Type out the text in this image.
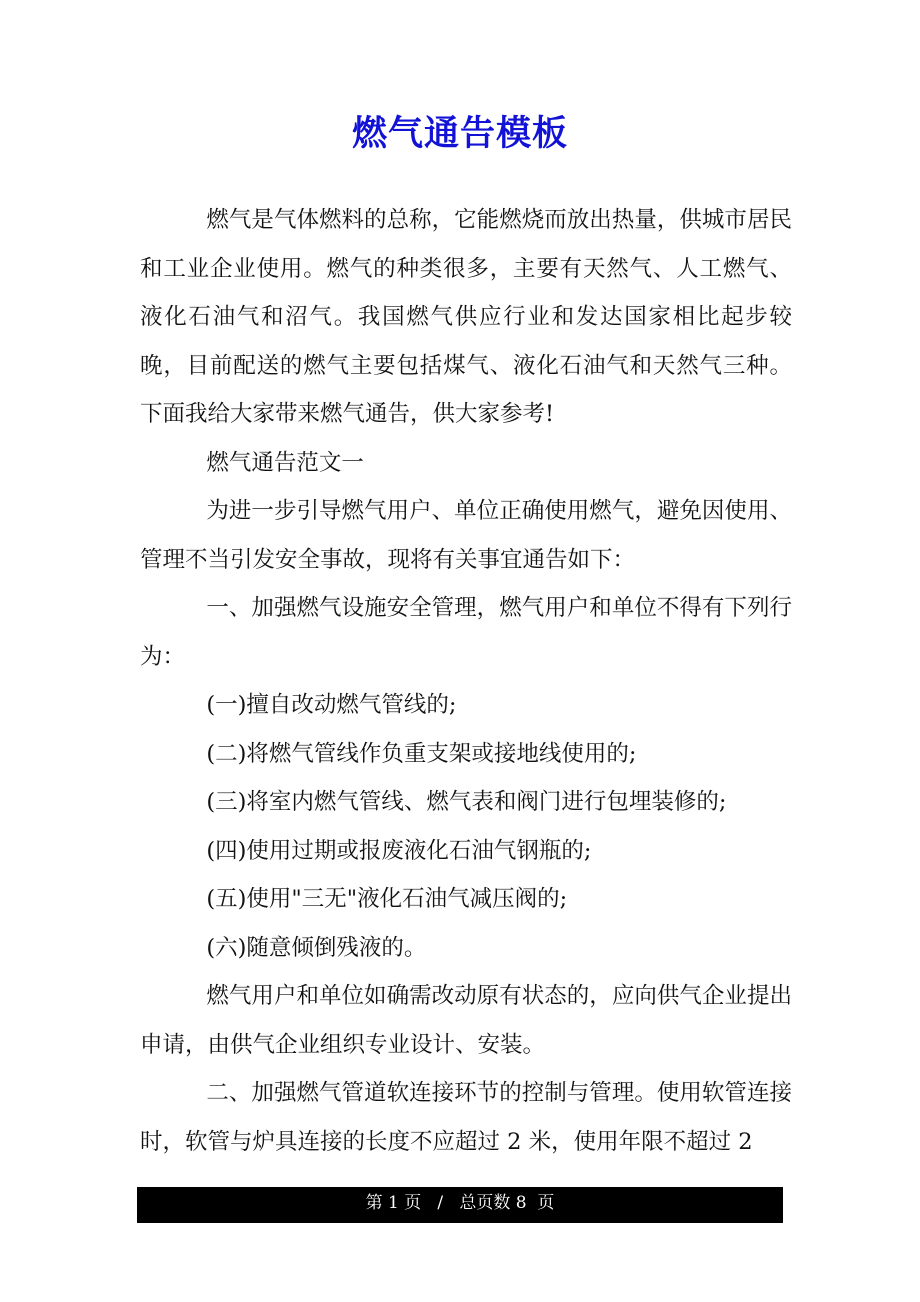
燃气通告模板

燃气是气体燃料的总称，它能燃烧而放出热量，供城市居民和工业企业使用。燃气的种类很多，主要有天然气、人工燃气、液化石油气和沼气。我国燃气供应行业和发达国家相比起步较晚，目前配送的燃气主要包括煤气、液化石油气和天然气三种。下面我给大家带来燃气通告，供大家参考!

燃气通告范文一

为进一步引导燃气用户、单位正确使用燃气，避免因使用、管理不当引发安全事故，现将有关事宜通告如下：

一、加强燃气设施安全管理，燃气用户和单位不得有下列行为：

(一)擅自改动燃气管线的;

(二)将燃气管线作负重支架或接地线使用的;

(三)将室内燃气管线、燃气表和阀门进行包埋装修的;

(四)使用过期或报废液化石油气钢瓶的;

(五)使用"三无"液化石油气减压阀的;

(六)随意倾倒残液的。

燃气用户和单位如确需改动原有状态的，应向供气企业提出申请，由供气企业组织专业设计、安装。

二、加强燃气管道软连接环节的控制与管理。使用软管连接时，软管与炉具连接的长度不应超过 2 米，使用年限不超过 2

第 1 页   /   总页数 8  页
